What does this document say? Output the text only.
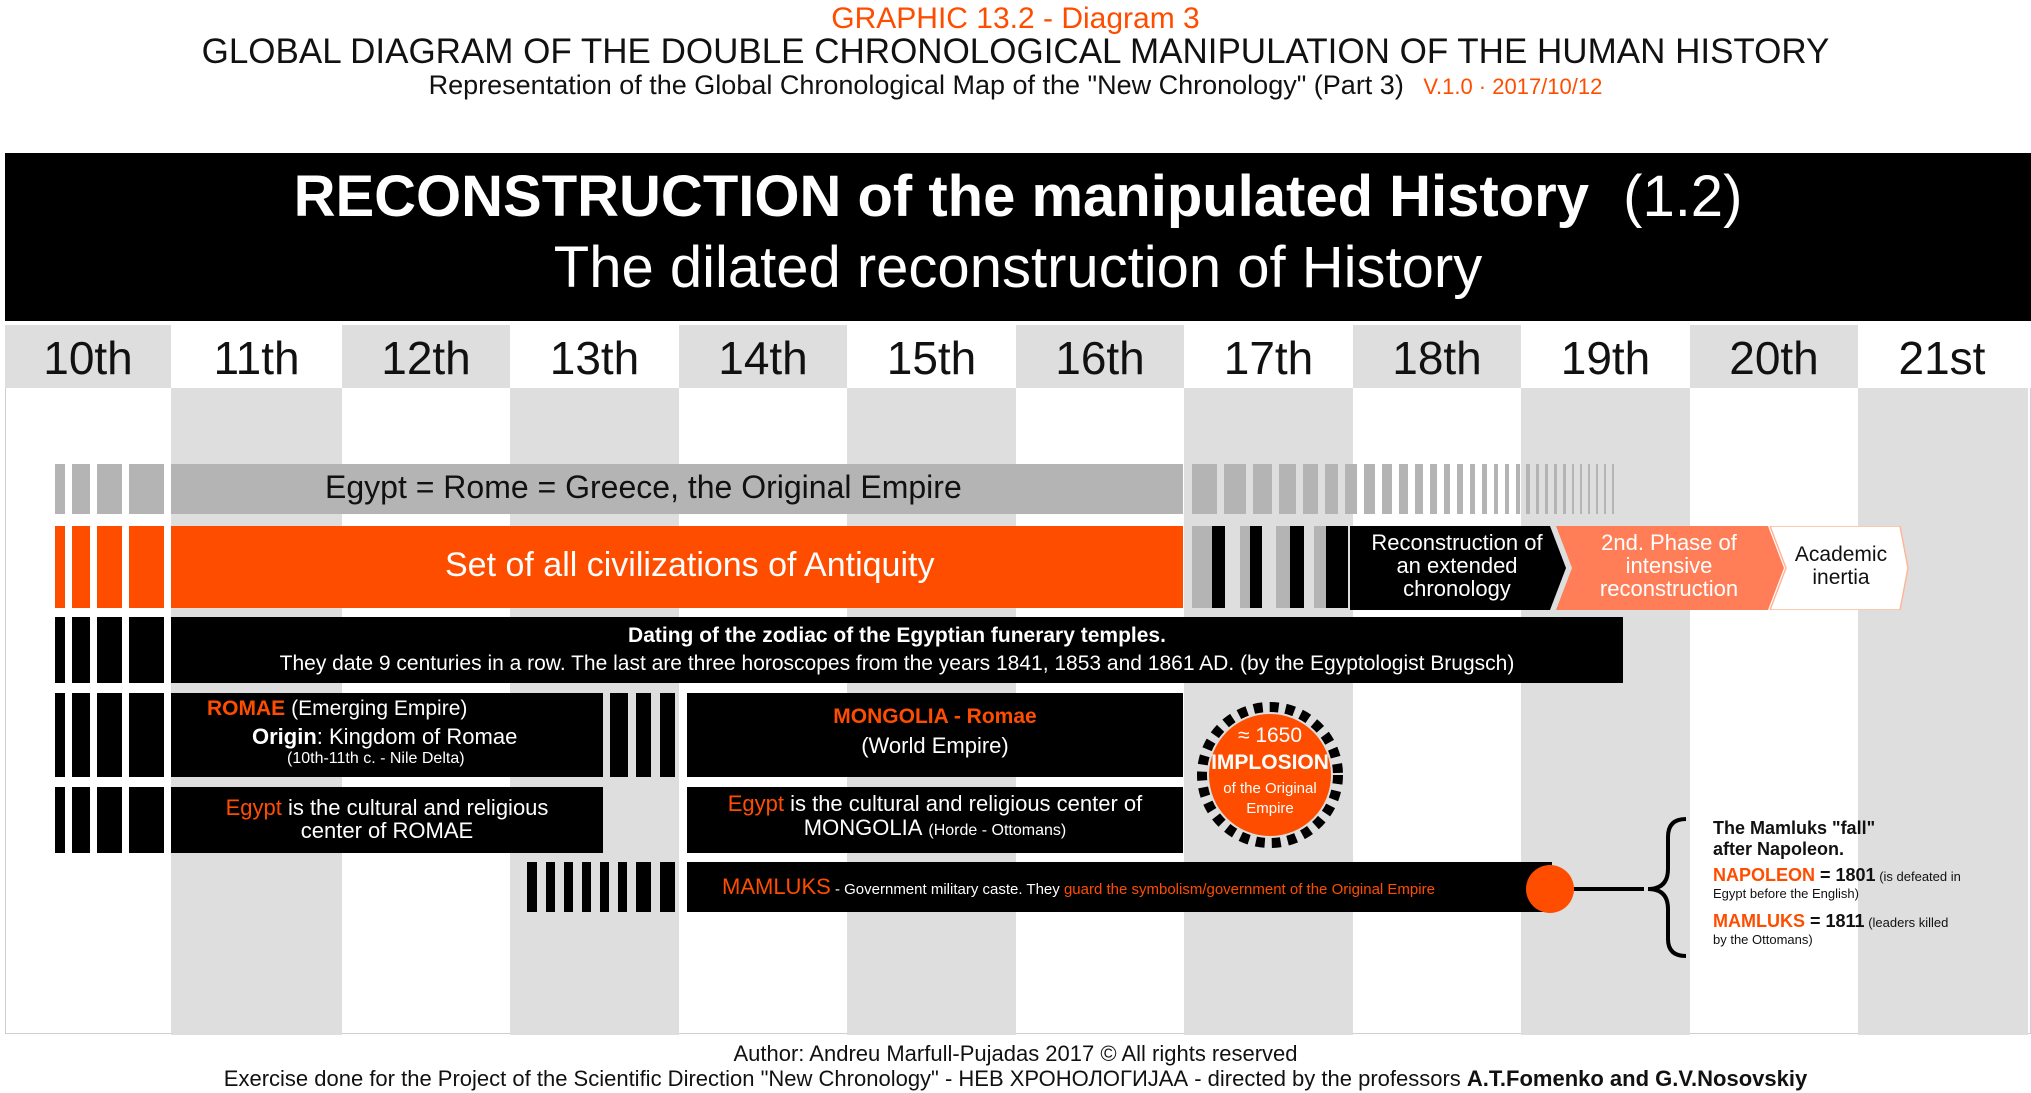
GRAPHIC 13.2 - Diagram 3
GLOBAL DIAGRAM OF THE DOUBLE CHRONOLOGICAL MANIPULATION OF THE HUMAN HISTORY
Representation of the Global Chronological Map of the "New Chronology" (Part 3) V.1.0 · 2017/10/12
RECONSTRUCTION of the manipulated History (1.2)
The dilated reconstruction of History
10th	11th	12th	13th	14th	15th	16th	17th	18th	19th	20th	21st
Egypt = Rome = Greece, the Original Empire
Set of all civilizations of Antiquity
Reconstruction of an extended chronology
2nd. Phase of intensive reconstruction
Academic inertia
Dating of the zodiac of the Egyptian funerary temples.
They date 9 centuries in a row. The last are three horoscopes from the years 1841, 1853 and 1861 AD. (by the Egyptologist Brugsch)
ROMAE (Emerging Empire)
Origin: Kingdom of Romae
(10th-11th c. - Nile Delta)
MONGOLIA - Romae
(World Empire)
Egypt is the cultural and religious
center of ROMAE
Egypt is the cultural and religious center of
MONGOLIA (Horde - Ottomans)
≈ 1650
IMPLOSION
of the Original
Empire
MAMLUKS - Government military caste. They guard the symbolism/government of the Original Empire
The Mamluks "fall" after Napoleon.
NAPOLEON = 1801 (is defeated in
Egypt before the English)
MAMLUKS = 1811 (leaders killed
by the Ottomans)
Author: Andreu Marfull-Pujadas 2017 © All rights reserved
Exercise done for the Project of the Scientific Direction "New Chronology" - НЕВ ХРОНОЛОГИЈАА - directed by the professors A.T.Fomenko and G.V.Nosovskiy
